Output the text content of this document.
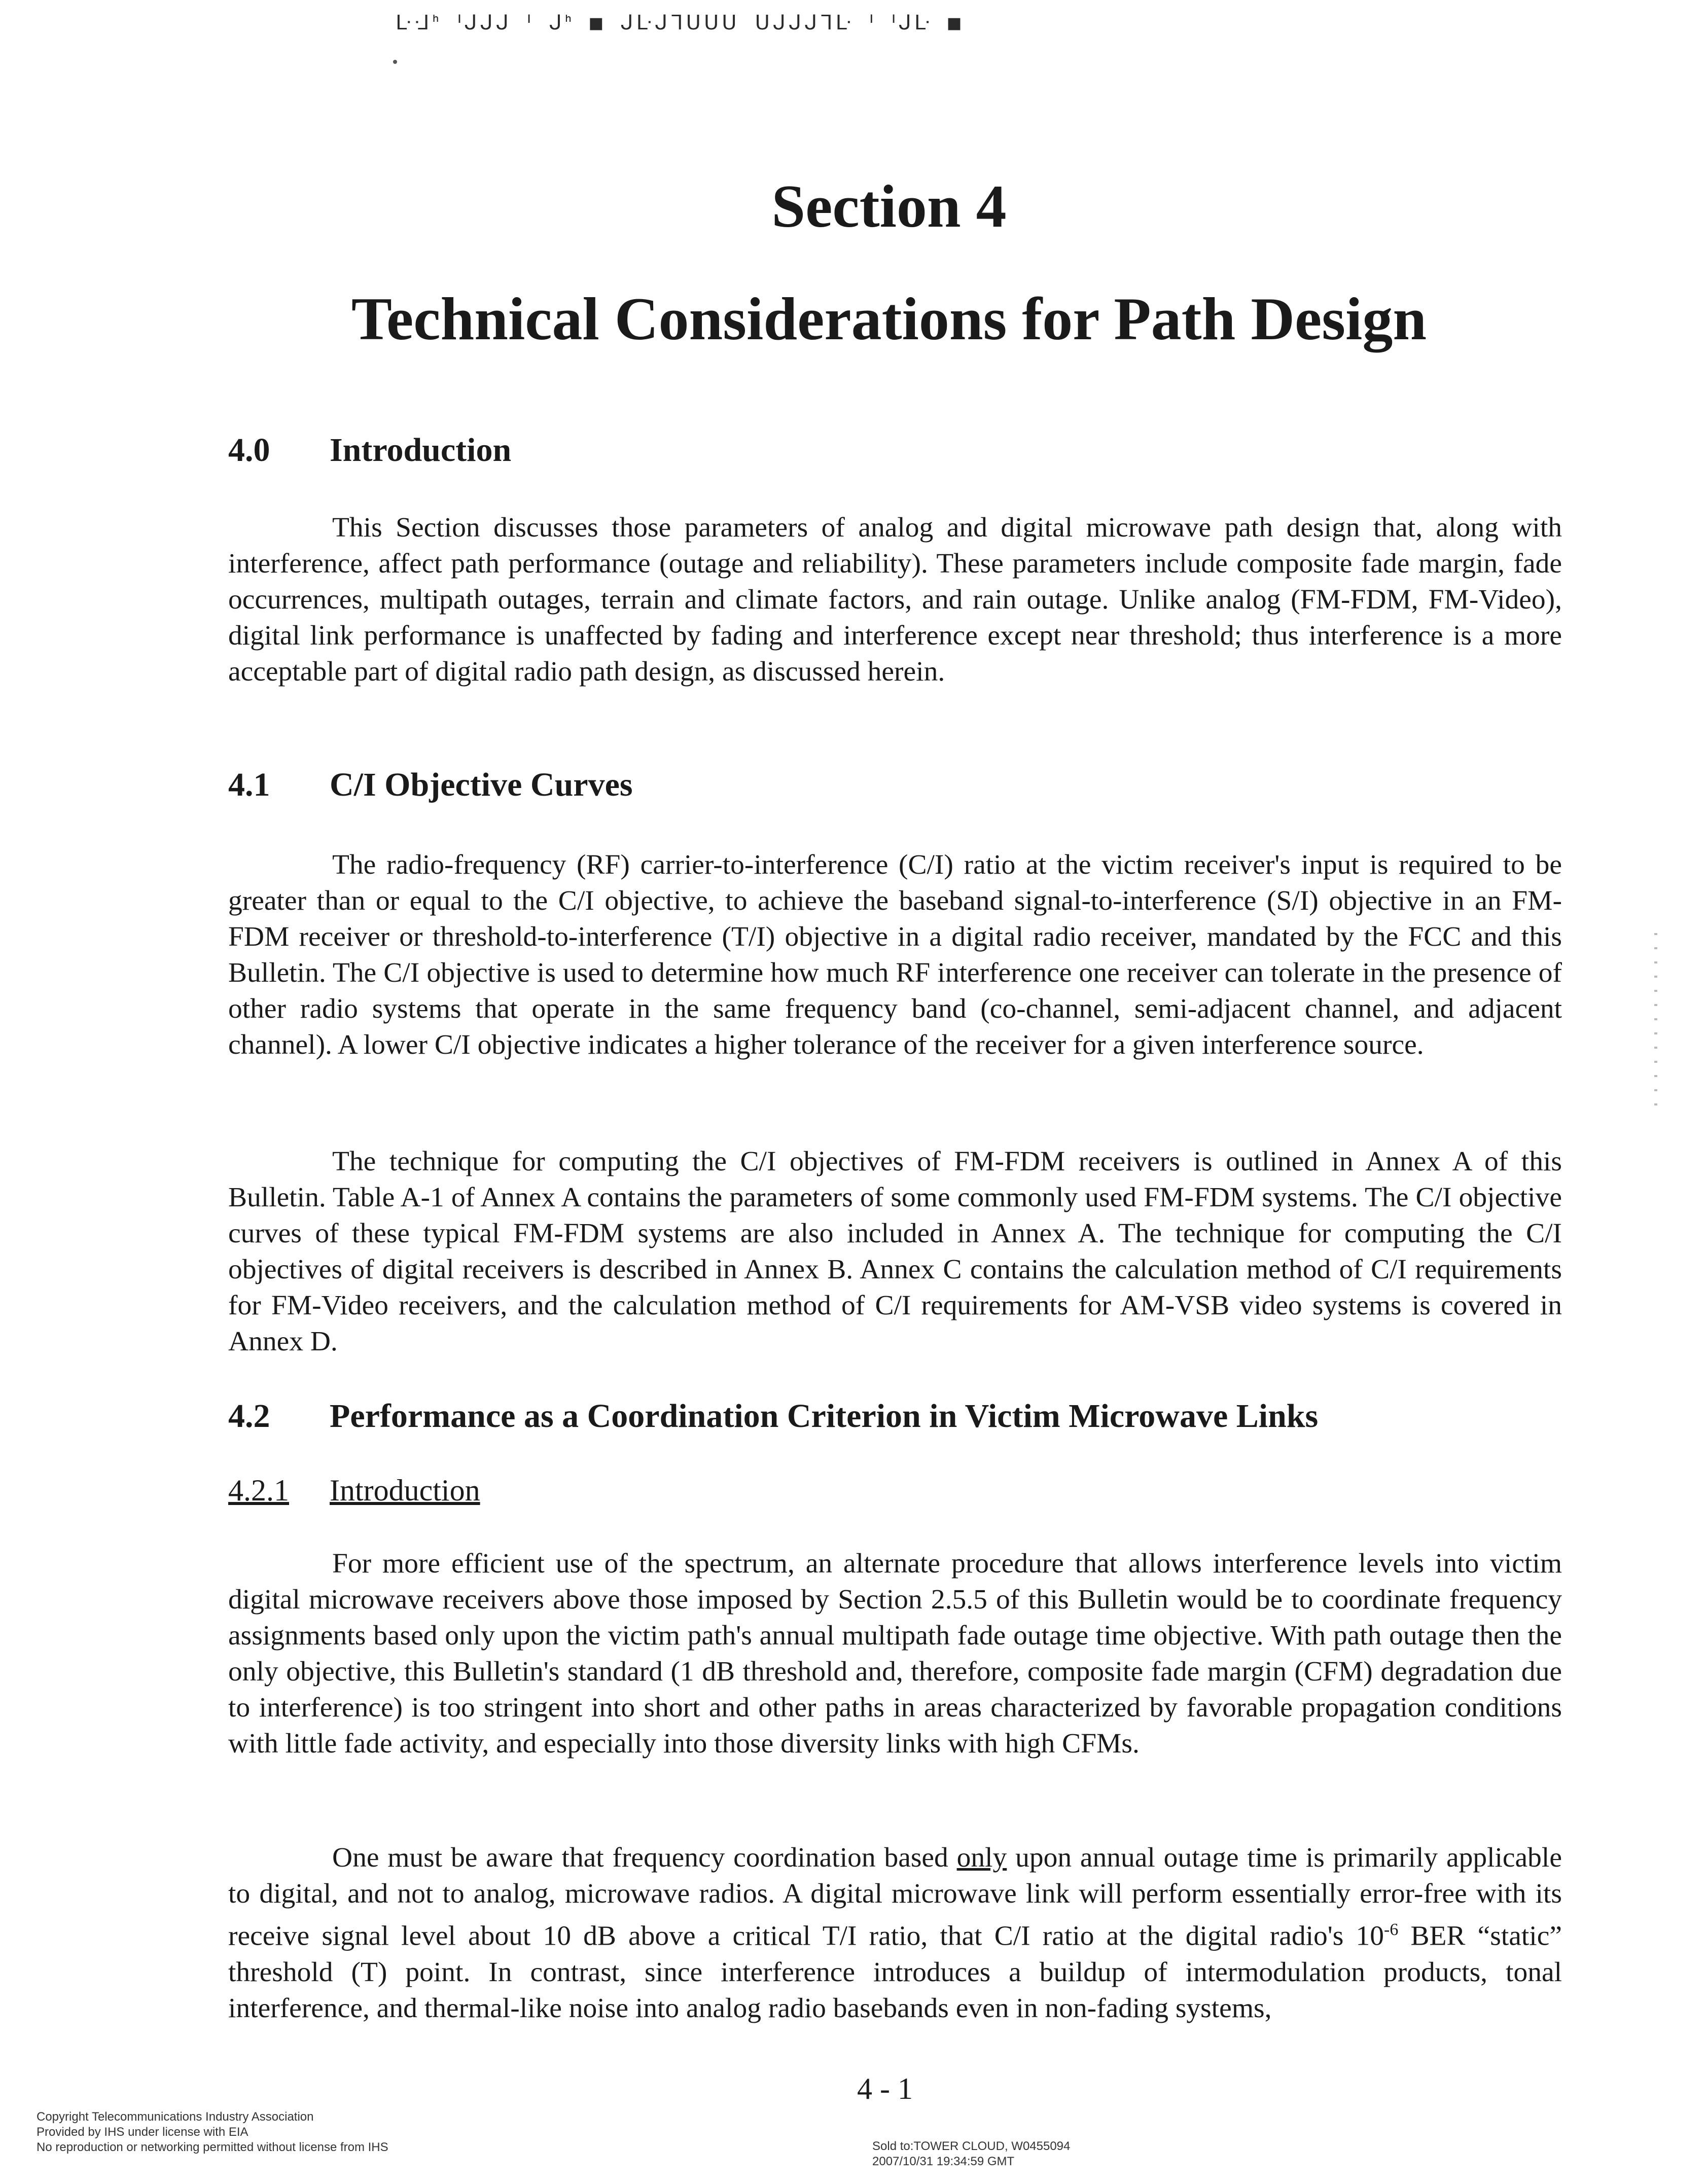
ᒷᒲᑋ ᑊᒍᒍᒍ ᑊ ᒍᑋ ■ ᒍᒷᒍᒣᑌᑌᑌ ᑌᒍᒍᒍᒣᒷ ᑊ ᑊᒍᒷ ■
Section 4
Technical Considerations for Path Design
4.0 Introduction

This Section discusses those parameters of analog and digital microwave path design that, along with interference, affect path performance (outage and reliability). These parameters include composite fade margin, fade occurrences, multipath outages, terrain and climate factors, and rain outage. Unlike analog (FM-FDM, FM-Video), digital link performance is unaffected by fading and interference except near threshold; thus interference is a more acceptable part of digital radio path design, as discussed herein.

4.1 C/I Objective Curves

The radio-frequency (RF) carrier-to-interference (C/I) ratio at the victim receiver's input is required to be greater than or equal to the C/I objective, to achieve the baseband signal-to-interference (S/I) objective in an FM-FDM receiver or threshold-to-interference (T/I) objective in a digital radio receiver, mandated by the FCC and this Bulletin. The C/I objective is used to determine how much RF interference one receiver can tolerate in the presence of other radio systems that operate in the same frequency band (co-channel, semi-adjacent channel, and adjacent channel). A lower C/I objective indicates a higher tolerance of the receiver for a given interference source.

The technique for computing the C/I objectives of FM-FDM receivers is outlined in Annex A of this Bulletin. Table A-1 of Annex A contains the parameters of some commonly used FM-FDM systems. The C/I objective curves of these typical FM-FDM systems are also included in Annex A. The technique for computing the C/I objectives of digital receivers is described in Annex B. Annex C contains the calculation method of C/I requirements for FM-Video receivers, and the calculation method of C/I requirements for AM-VSB video systems is covered in Annex D.

4.2 Performance as a Coordination Criterion in Victim Microwave Links
4.2.1 Introduction

For more efficient use of the spectrum, an alternate procedure that allows interference levels into victim digital microwave receivers above those imposed by Section 2.5.5 of this Bulletin would be to coordinate frequency assignments based only upon the victim path's annual multipath fade outage time objective. With path outage then the only objective, this Bulletin's standard (1 dB threshold and, therefore, composite fade margin (CFM) degradation due to interference) is too stringent into short and other paths in areas characterized by favorable propagation conditions with little fade activity, and especially into those diversity links with high CFMs.

One must be aware that frequency coordination based only upon annual outage time is primarily applicable to digital, and not to analog, microwave radios. A digital microwave link will perform essentially error-free with its receive signal level about 10 dB above a critical T/I ratio, that C/I ratio at the digital radio's $10^{-6}$ BER “static” threshold (T) point. In contrast, since interference introduces a buildup of intermodulation products, tonal interference, and thermal-like noise into analog radio basebands even in non-fading systems,

4 - 1
Copyright Telecommunications Industry Association
Provided by IHS under license with EIA
No reproduction or networking permitted without license from IHS	Sold to:TOWER CLOUD, W0455094
2007/10/31 19:34:59 GMT
